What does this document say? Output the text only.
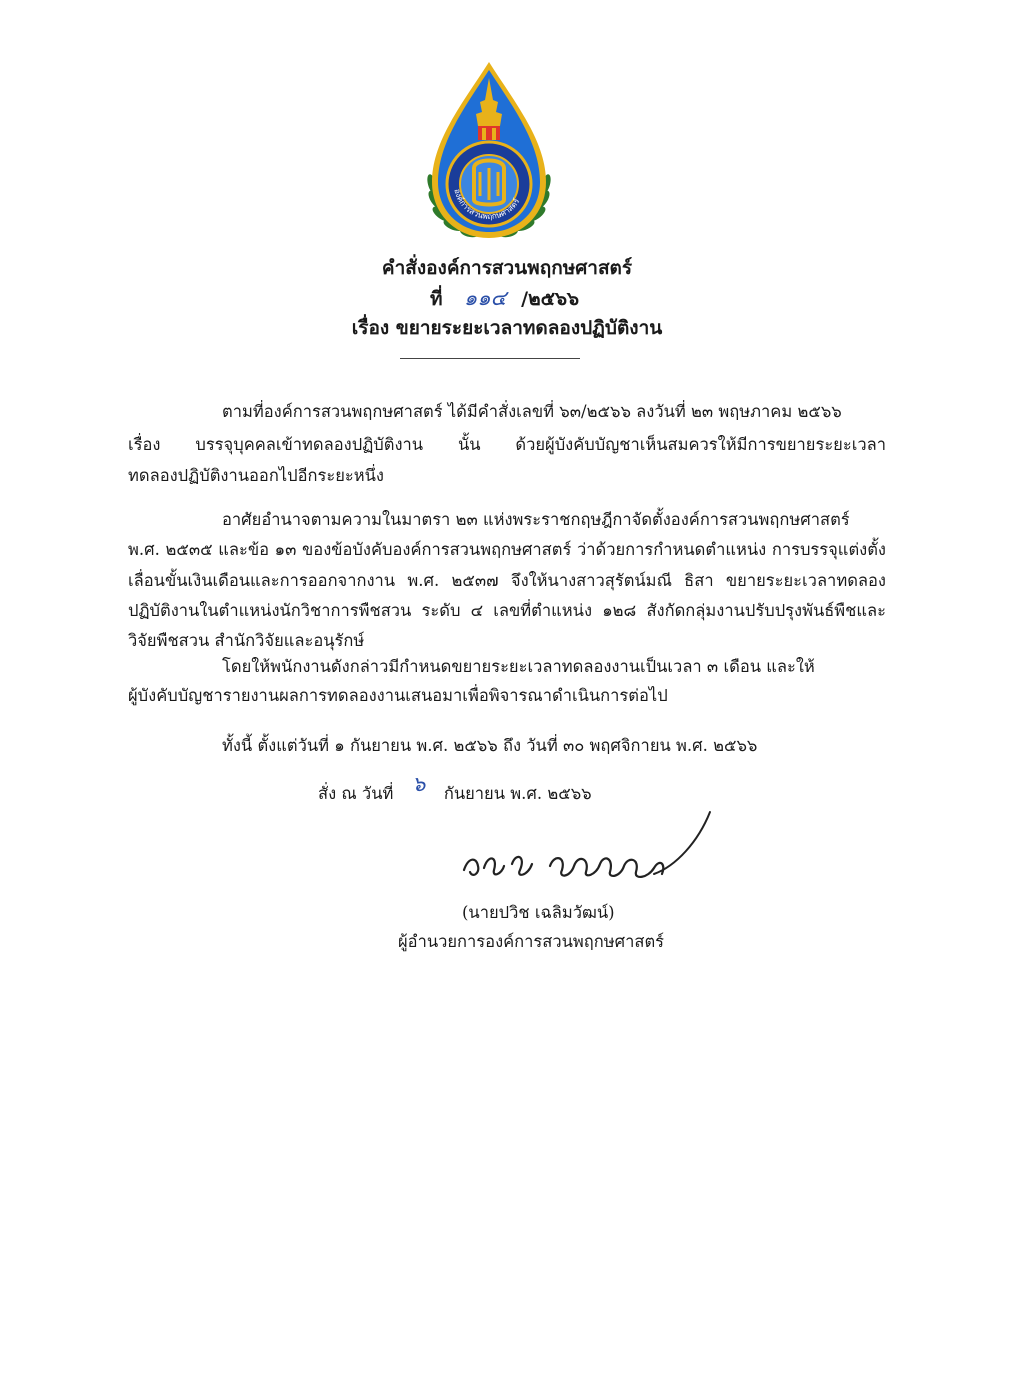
องค์การสวนพฤกษศาสตร์
คำสั่งองค์การสวนพฤกษศาสตร์
ที่ ๑๑๔ /๒๕๖๖
เรื่อง ขยายระยะเวลาทดลองปฏิบัติงาน
ตามที่องค์การสวนพฤกษศาสตร์ ได้มีคำสั่งเลขที่ ๖๓/๒๕๖๖ ลงวันที่ ๒๓ พฤษภาคม ๒๕๖๖
เรื่อง บรรจุบุคคลเข้าทดลองปฏิบัติงาน นั้น ด้วยผู้บังคับบัญชาเห็นสมควรให้มีการขยายระยะเวลา
ทดลองปฏิบัติงานออกไปอีกระยะหนึ่ง
อาศัยอำนาจตามความในมาตรา ๒๓ แห่งพระราชกฤษฎีกาจัดตั้งองค์การสวนพฤกษศาสตร์
พ.ศ. ๒๕๓๕ และข้อ ๑๓ ของข้อบังคับองค์การสวนพฤกษศาสตร์ ว่าด้วยการกำหนดตำแหน่ง การบรรจุแต่งตั้ง
เลื่อนขั้นเงินเดือนและการออกจากงาน พ.ศ. ๒๕๓๗ จึงให้นางสาวสุรัตน์มณี ธิสา ขยายระยะเวลาทดลอง
ปฏิบัติงานในตำแหน่งนักวิชาการพืชสวน ระดับ ๔ เลขที่ตำแหน่ง ๑๒๘ สังกัดกลุ่มงานปรับปรุงพันธ์พืชและ
วิจัยพืชสวน สำนักวิจัยและอนุรักษ์
โดยให้พนักงานดังกล่าวมีกำหนดขยายระยะเวลาทดลองงานเป็นเวลา ๓ เดือน และให้
ผู้บังคับบัญชารายงานผลการทดลองงานเสนอมาเพื่อพิจารณาดำเนินการต่อไป
ทั้งนี้ ตั้งแต่วันที่ ๑ กันยายน พ.ศ. ๒๕๖๖ ถึง วันที่ ๓๐ พฤศจิกายน พ.ศ. ๒๕๖๖
สั่ง ณ วันที่ ๖ กันยายน พ.ศ. ๒๕๖๖
(นายปวิช เฉลิมวัฒน์)
ผู้อำนวยการองค์การสวนพฤกษศาสตร์
